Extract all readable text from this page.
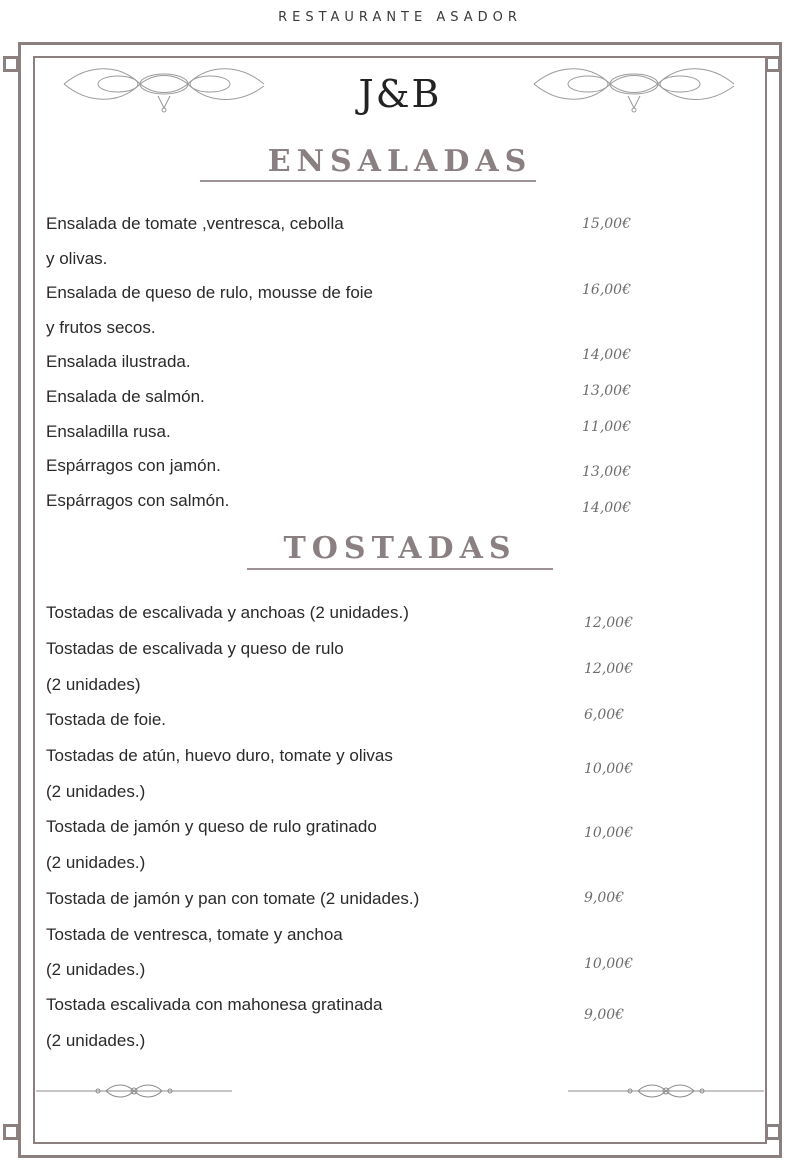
RESTAURANTE ASADOR
J&B
ENSALADAS
Ensalada de tomate ,ventresca, cebolla
y olivas.
15,00€
Ensalada de queso de rulo, mousse de foie
y frutos secos.
16,00€
Ensalada ilustrada.	14,00€
Ensalada de salmón.	13,00€
Ensaladilla rusa.	11,00€
Espárragos con jamón.	13,00€
Espárragos con salmón.	14,00€
TOSTADAS
Tostadas de escalivada y anchoas (2 unidades.)
12,00€
Tostadas de escalivada y queso de rulo
(2 unidades)
12,00€
Tostada de foie.	6,00€
Tostadas de atún, huevo duro, tomate y olivas
(2 unidades.)
10,00€
Tostada de jamón y queso de rulo gratinado
(2 unidades.)
10,00€
Tostada de jamón y pan con tomate (2 unidades.)	9,00€
Tostada de ventresca, tomate y anchoa
(2 unidades.)	10,00€
Tostada escalivada con mahonesa gratinada
(2 unidades.)
9,00€
